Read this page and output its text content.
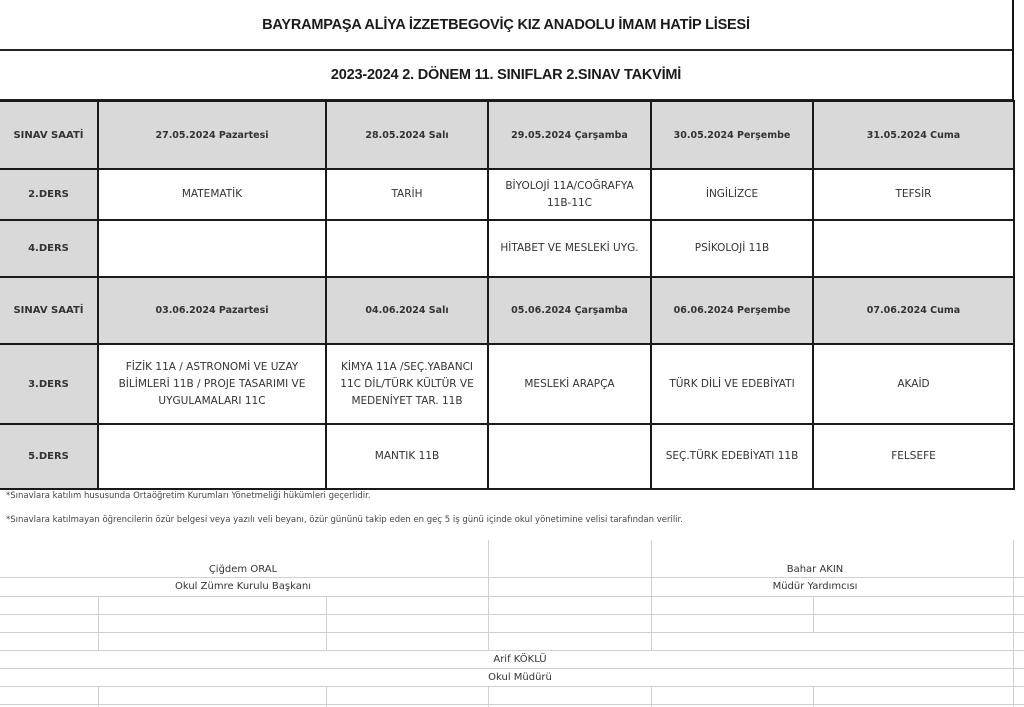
BAYRAMPAŞA ALİYA İZZETBEGOVİÇ KIZ ANADOLU İMAM HATİP LİSESİ
2023-2024 2. DÖNEM 11. SINIFLAR 2.SINAV TAKVİMİ
SINAV SAATİ	27.05.2024 Pazartesi	28.05.2024 Salı	29.05.2024 Çarşamba	30.05.2024 Perşembe	31.05.2024 Cuma
2.DERS	MATEMATİK	TARİH	BİYOLOJİ 11A/COĞRAFYA 11B-11C	İNGİLİZCE	TEFSİR
4.DERS			HİTABET VE MESLEKİ UYG.	PSİKOLOJİ 11B	
SINAV SAATİ	03.06.2024 Pazartesi	04.06.2024 Salı	05.06.2024 Çarşamba	06.06.2024 Perşembe	07.06.2024 Cuma
3.DERS	FİZİK 11A / ASTRONOMİ VE UZAY BİLİMLERİ 11B / PROJE TASARIMI VE UYGULAMALARI 11C	KİMYA 11A /SEÇ.YABANCI 11C DİL/TÜRK KÜLTÜR VE MEDENİYET TAR. 11B	MESLEKİ ARAPÇA	TÜRK DİLİ VE EDEBİYATI	AKAİD
5.DERS		MANTIK 11B		SEÇ.TÜRK EDEBİYATI 11B	FELSEFE
*Sınavlara katılım hususunda Ortaöğretim Kurumları Yönetmeliği hükümleri geçerlidir.
*Sınavlara katılmayan öğrencilerin özür belgesi veya yazılı veli beyanı, özür gününü takip eden en geç 5 iş günü içinde okul yönetimine velisi tarafından verilir.
Çiğdem ORAL
Okul Zümre Kurulu Başkanı
Bahar AKIN
Müdür Yardımcısı
Arif KÖKLÜ
Okul Müdürü
